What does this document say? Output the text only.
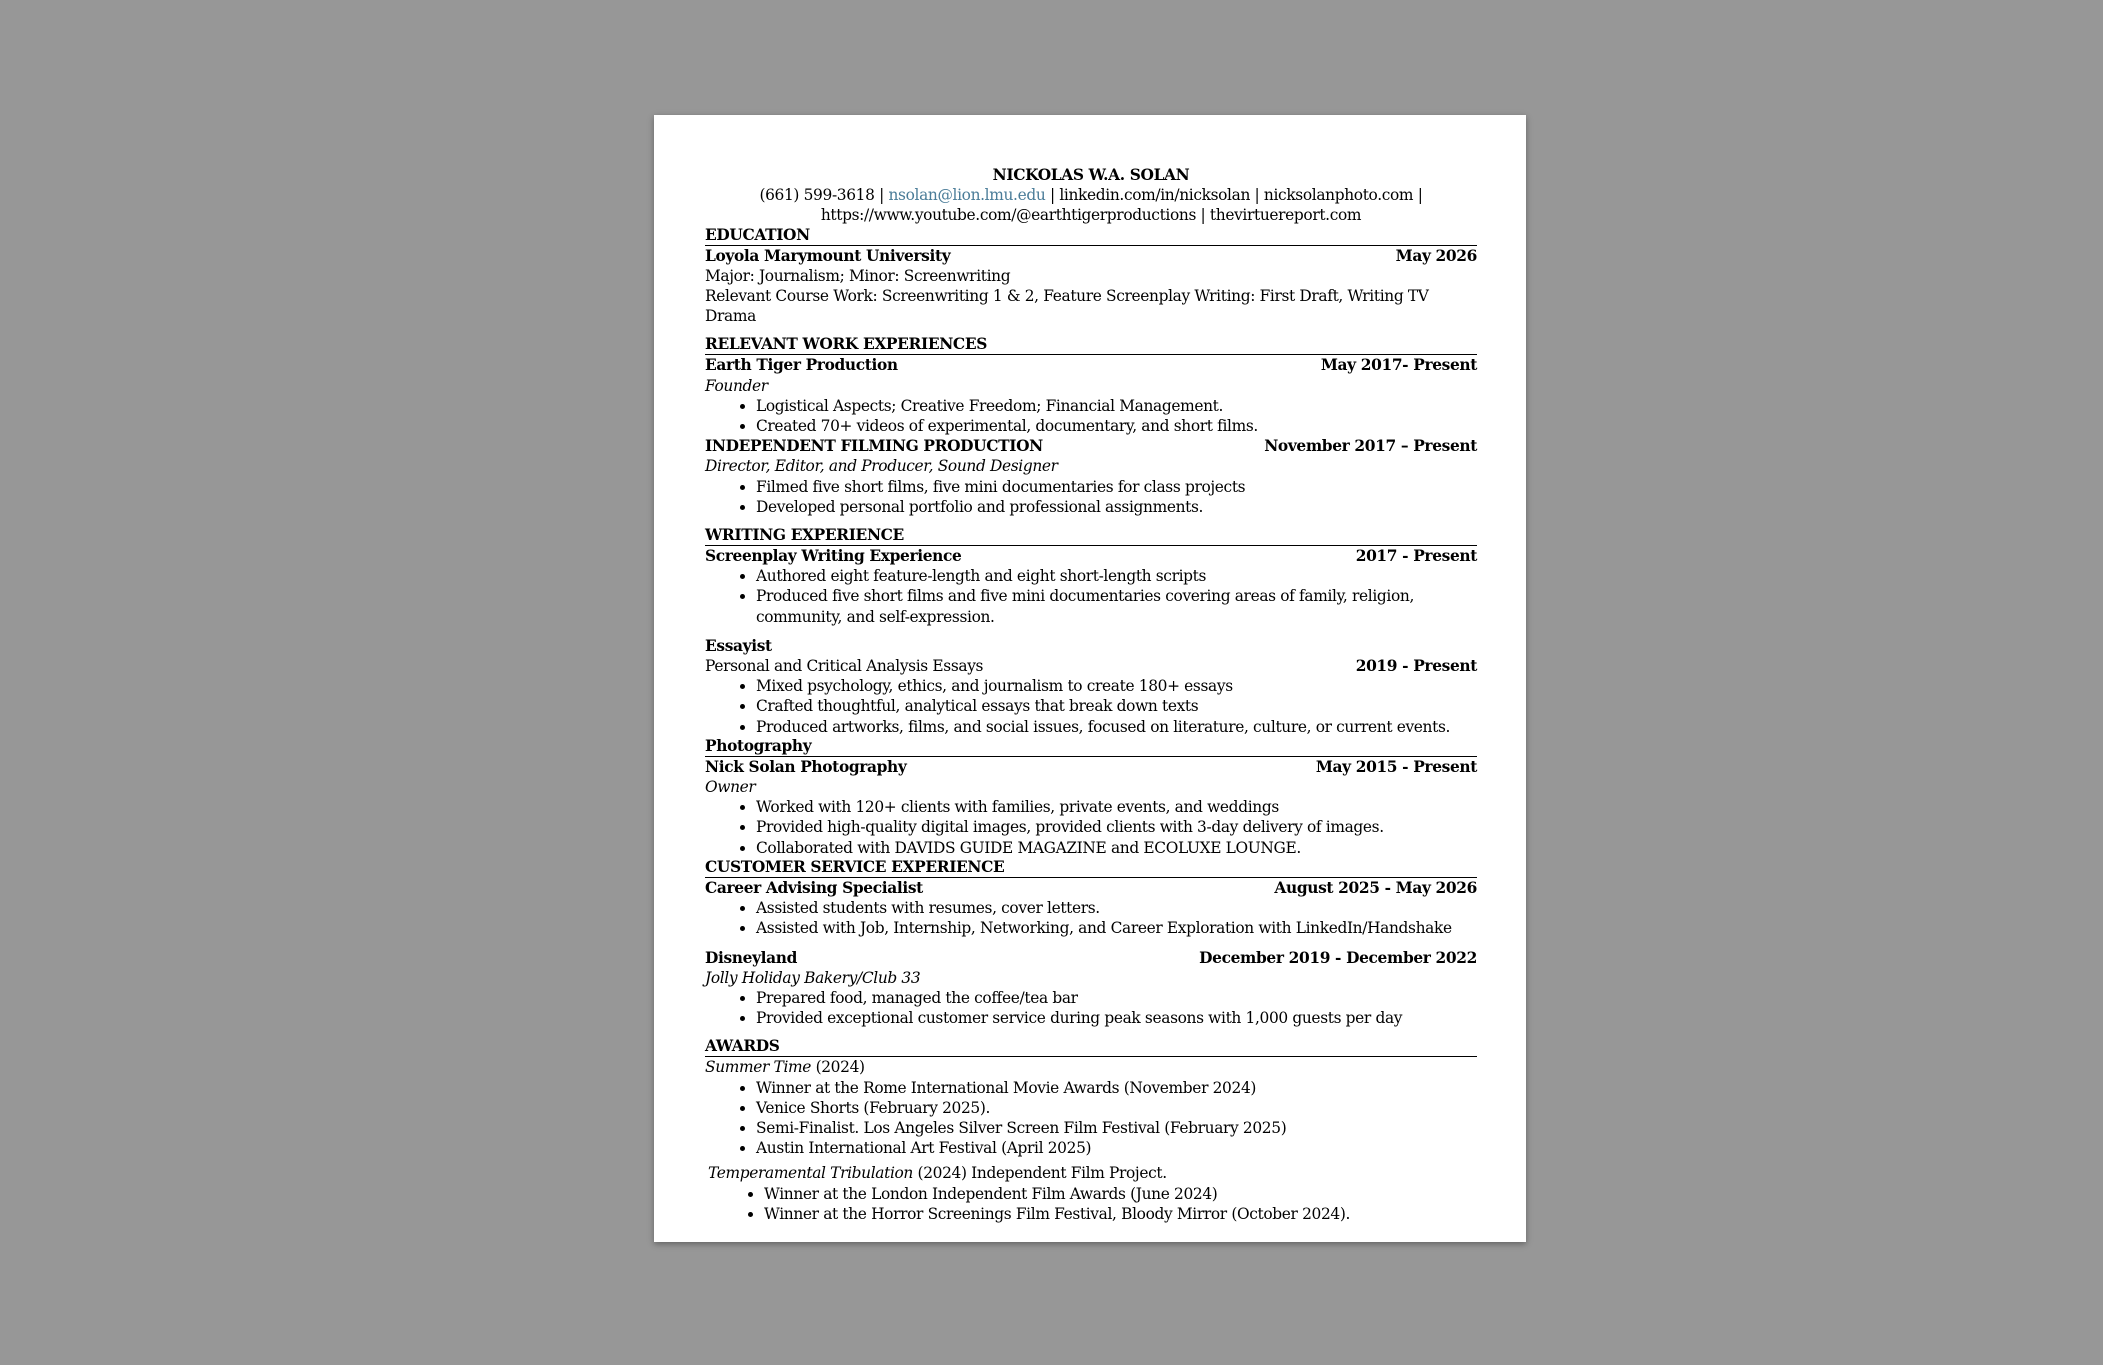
NICKOLAS W.A. SOLAN
(661) 599-3618 | nsolan@lion.lmu.edu | linkedin.com/in/nicksolan | nicksolanphoto.com |
https://www.youtube.com/@earthtigerproductions | thevirtuereport.com
EDUCATION
Loyola Marymount University	May 2026
Major: Journalism; Minor: Screenwriting
Relevant Course Work: Screenwriting 1 & 2, Feature Screenplay Writing: First Draft, Writing TV Drama
RELEVANT WORK EXPERIENCES
Earth Tiger Production	May 2017- Present
Founder
• Logistical Aspects; Creative Freedom; Financial Management.
• Created 70+ videos of experimental, documentary, and short films.
INDEPENDENT FILMING PRODUCTION	November 2017 – Present
Director, Editor, and Producer, Sound Designer
• Filmed five short films, five mini documentaries for class projects
• Developed personal portfolio and professional assignments.
WRITING EXPERIENCE
Screenplay Writing Experience	2017 - Present
• Authored eight feature-length and eight short-length scripts
• Produced five short films and five mini documentaries covering areas of family, religion, community, and self-expression.
Essayist
Personal and Critical Analysis Essays	2019 - Present
• Mixed psychology, ethics, and journalism to create 180+ essays
• Crafted thoughtful, analytical essays that break down texts
• Produced artworks, films, and social issues, focused on literature, culture, or current events.
Photography
Nick Solan Photography	May 2015 - Present
Owner
• Worked with 120+ clients with families, private events, and weddings
• Provided high-quality digital images, provided clients with 3-day delivery of images.
• Collaborated with DAVIDS GUIDE MAGAZINE and ECOLUXE LOUNGE.
CUSTOMER SERVICE EXPERIENCE
Career Advising Specialist	August 2025 - May 2026
• Assisted students with resumes, cover letters.
• Assisted with Job, Internship, Networking, and Career Exploration with LinkedIn/Handshake
Disneyland	December 2019 - December 2022
Jolly Holiday Bakery/Club 33
• Prepared food, managed the coffee/tea bar
• Provided exceptional customer service during peak seasons with 1,000 guests per day
AWARDS
Summer Time (2024)
• Winner at the Rome International Movie Awards (November 2024)
• Venice Shorts (February 2025).
• Semi-Finalist. Los Angeles Silver Screen Film Festival (February 2025)
• Austin International Art Festival (April 2025)
Temperamental Tribulation (2024) Independent Film Project.
• Winner at the London Independent Film Awards (June 2024)
• Winner at the Horror Screenings Film Festival, Bloody Mirror (October 2024).
